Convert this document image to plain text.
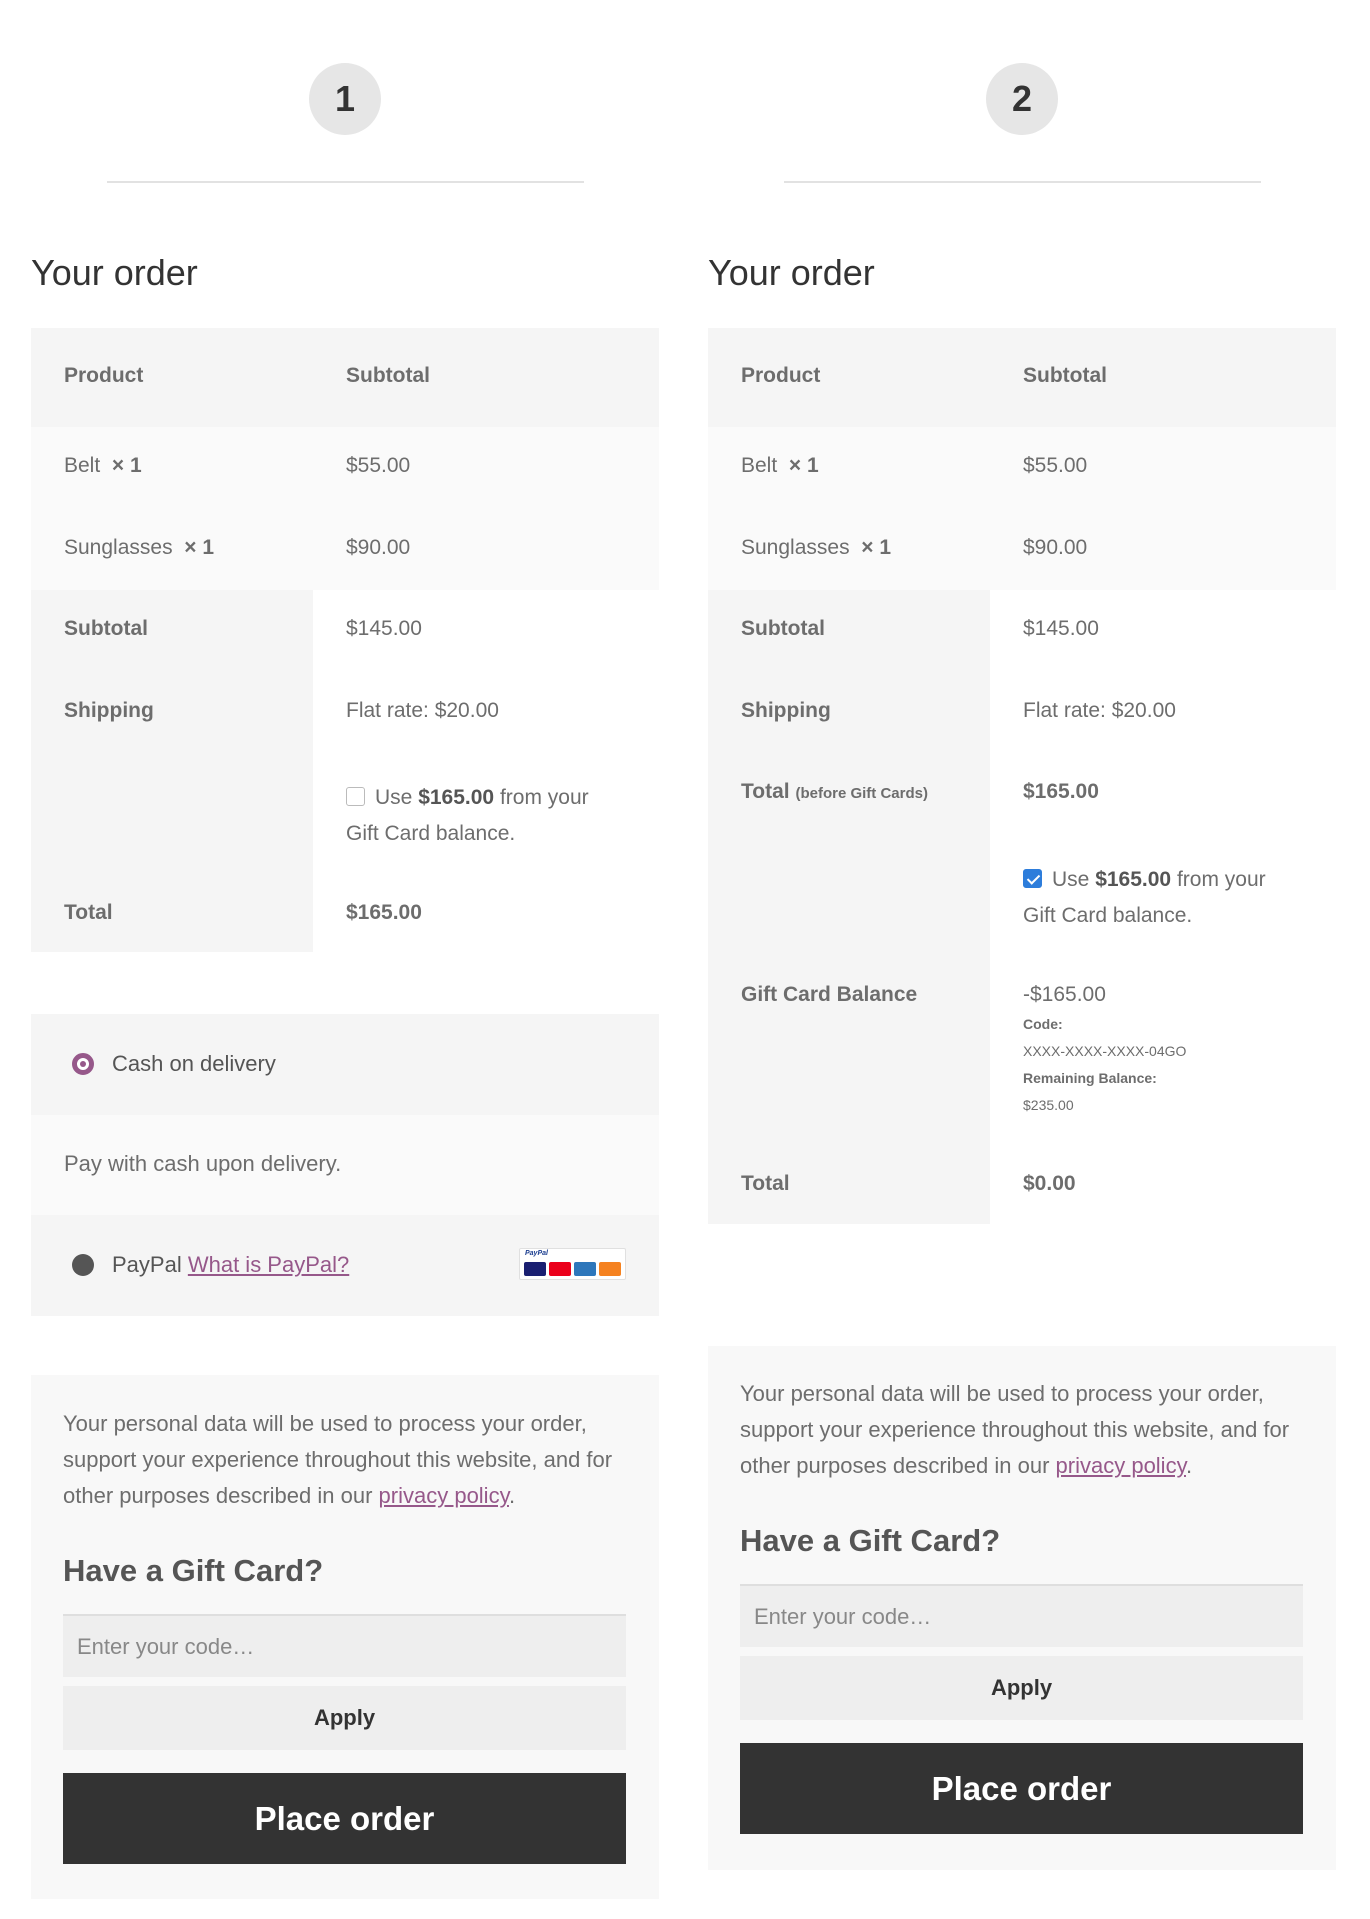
1	2
Your order
Product	Subtotal
Belt × 1	$55.00
Sunglasses × 1	$90.00
Subtotal	$145.00
Shipping	Flat rate: $20.00
Use $165.00 from your
Gift Card balance.
Total	$165.00
Cash on delivery
Pay with cash upon delivery.
PayPal What is PayPal?	PayPal

Your personal data will be used to process your order, support your experience throughout this website, and for other purposes described in our privacy policy.

Have a Gift Card?
Enter your code…
Apply
Place order
Your order
Product	Subtotal
Belt × 1	$55.00
Sunglasses × 1	$90.00
Subtotal	$145.00
Shipping	Flat rate: $20.00
Total (before Gift Cards)	$165.00
Use $165.00 from your
Gift Card balance.
Gift Card Balance	-$165.00
Code:
XXXX-XXXX-XXXX-04GO
Remaining Balance:
$235.00
Total	$0.00

Your personal data will be used to process your order, support your experience throughout this website, and for other purposes described in our privacy policy.

Have a Gift Card?
Enter your code…
Apply
Place order
